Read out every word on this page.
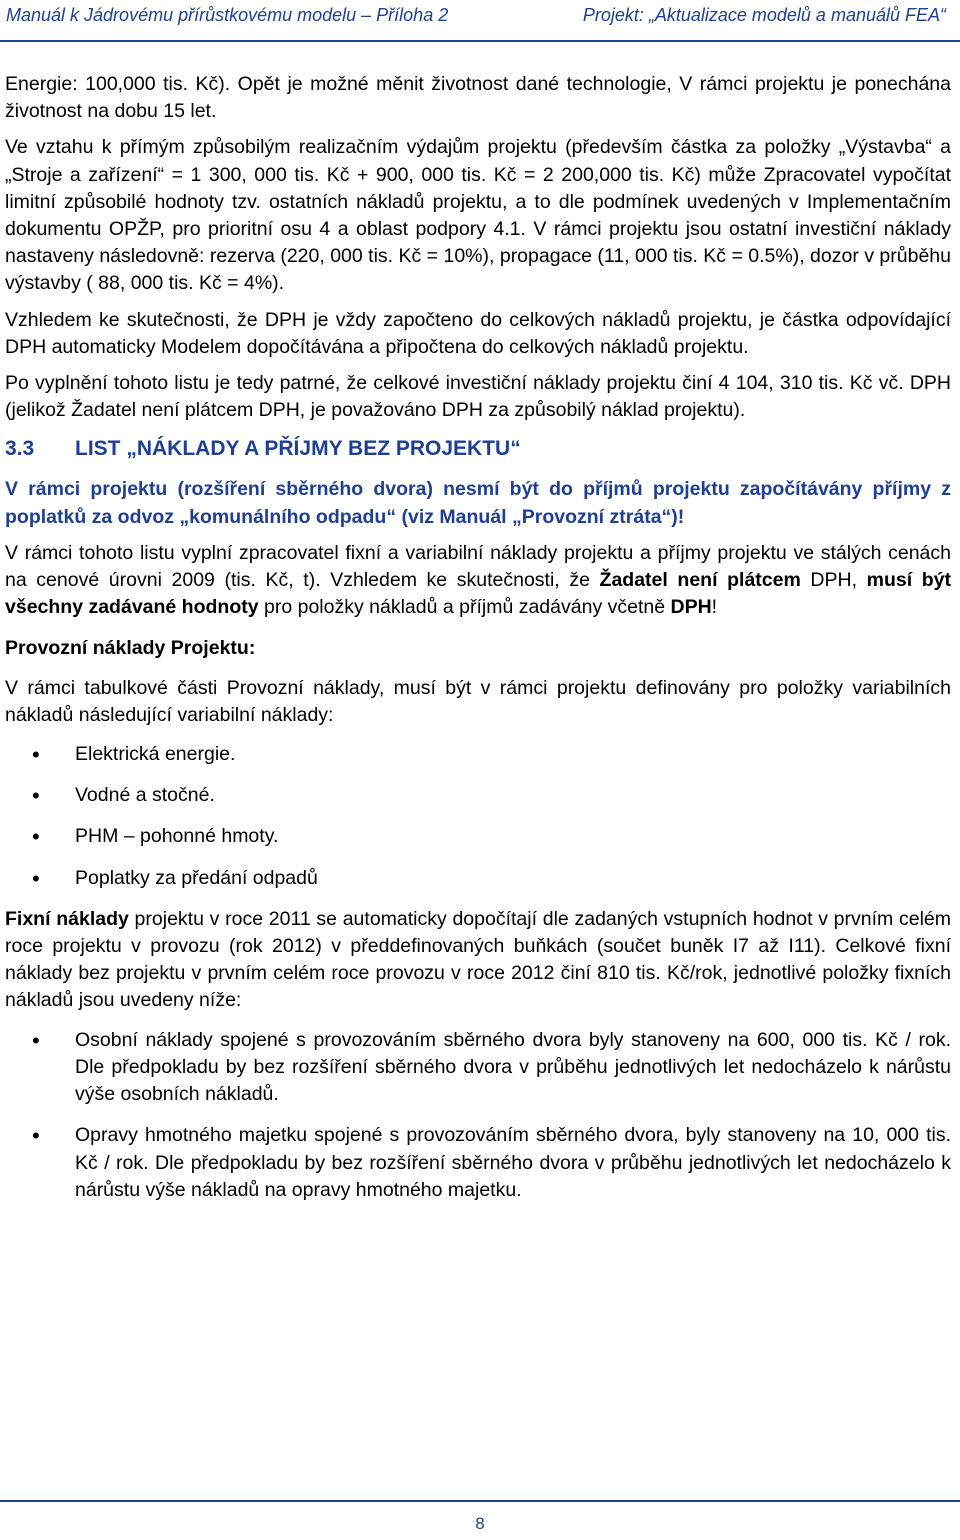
Manuál k Jádrovému přírůstkovému modelu – Příloha 2	Projekt: „Aktualizace modelů a manuálů FEA“

Energie: 100,000 tis. Kč). Opět je možné měnit životnost dané technologie, V rámci projektu je ponechána životnost na dobu 15 let.

Ve vztahu k přímým způsobilým realizačním výdajům projektu (především částka za položky „Výstavba“ a „Stroje a zařízení“ = 1 300, 000 tis. Kč + 900, 000 tis. Kč = 2 200,000 tis. Kč) může Zpracovatel vypočítat limitní způsobilé hodnoty tzv. ostatních nákladů projektu, a to dle podmínek uvedených v Implementačním dokumentu OPŽP, pro prioritní osu 4 a oblast podpory 4.1. V rámci projektu jsou ostatní investiční náklady nastaveny následovně: rezerva (220, 000 tis. Kč = 10%), propagace (11, 000 tis. Kč = 0.5%), dozor v průběhu výstavby ( 88, 000 tis. Kč = 4%).

Vzhledem ke skutečnosti, že DPH je vždy započteno do celkových nákladů projektu, je částka odpovídající DPH automaticky Modelem dopočítávána a připočtena do celkových nákladů projektu.

Po vyplnění tohoto listu je tedy patrné, že celkové investiční náklady projektu činí 4 104, 310 tis. Kč vč. DPH (jelikož Žadatel není plátcem DPH, je považováno DPH za způsobilý náklad projektu).

3.3 LIST „NÁKLADY A PŘÍJMY BEZ PROJEKTU“

V rámci projektu (rozšíření sběrného dvora) nesmí být do příjmů projektu započítávány příjmy z poplatků za odvoz „komunálního odpadu“ (viz Manuál „Provozní ztráta“)!

V rámci tohoto listu vyplní zpracovatel fixní a variabilní náklady projektu a příjmy projektu ve stálých cenách na cenové úrovni 2009 (tis. Kč, t). Vzhledem ke skutečnosti, že Žadatel není plátcem DPH, musí být všechny zadávané hodnoty pro položky nákladů a příjmů zadávány včetně DPH!

Provozní náklady Projektu:

V rámci tabulkové části Provozní náklady, musí být v rámci projektu definovány pro položky variabilních nákladů následující variabilní náklady:

• Elektrická energie.
• Vodné a stočné.
• PHM – pohonné hmoty.
• Poplatky za předání odpadů

Fixní náklady projektu v roce 2011 se automaticky dopočítají dle zadaných vstupních hodnot v prvním celém roce projektu v provozu (rok 2012) v předdefinovaných buňkách (součet buněk I7 až I11). Celkové fixní náklady bez projektu v prvním celém roce provozu v roce 2012 činí 810 tis. Kč/rok, jednotlivé položky fixních nákladů jsou uvedeny níže:

• Osobní náklady spojené s provozováním sběrného dvora byly stanoveny na 600, 000 tis. Kč / rok. Dle předpokladu by bez rozšíření sběrného dvora v průběhu jednotlivých let nedocházelo k nárůstu výše osobních nákladů.
• Opravy hmotného majetku spojené s provozováním sběrného dvora, byly stanoveny na 10, 000 tis. Kč / rok. Dle předpokladu by bez rozšíření sběrného dvora v průběhu jednotlivých let nedocházelo k nárůstu výše nákladů na opravy hmotného majetku.
8
